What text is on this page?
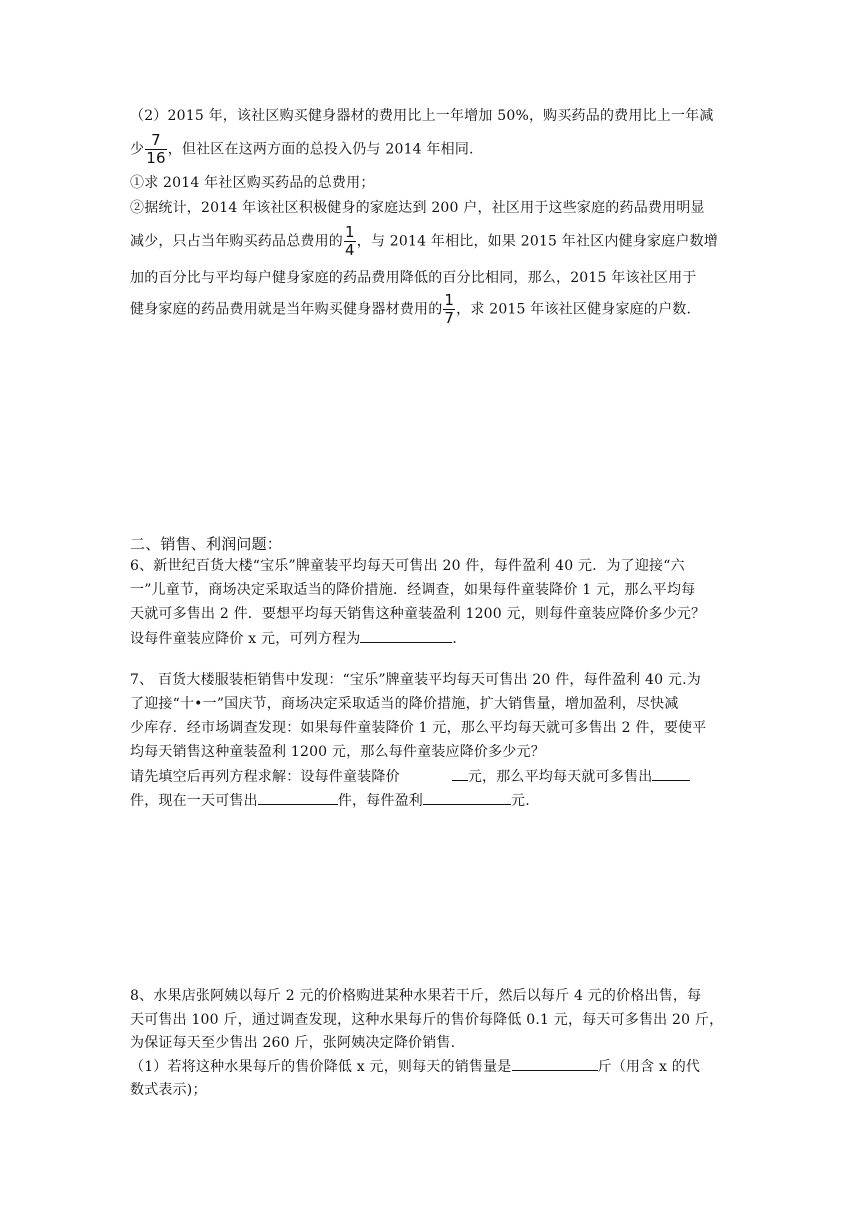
（2）2015 年，该社区购买健身器材的费用比上一年增加 50%，购买药品的费用比上一年减
少 $\frac{7}{16}$ ，但社区在这两方面的总投入仍与 2014 年相同.
①求 2014 年社区购买药品的总费用；
②据统计，2014 年该社区积极健身的家庭达到 200 户，社区用于这些家庭的药品费用明显
减少，只占当年购买药品总费用的 $\frac{1}{4}$ ，与 2014 年相比，如果 2015 年社区内健身家庭户数增
加的百分比与平均每户健身家庭的药品费用降低的百分比相同，那么，2015 年该社区用于
健身家庭的药品费用就是当年购买健身器材费用的 $\frac{1}{7}$ ，求 2015 年该社区健身家庭的户数.
二、销售、利润问题：
6、新世纪百货大楼“宝乐”牌童装平均每天可售出 20 件，每件盈利 40 元．为了迎接“六
一”儿童节，商场决定采取适当的降价措施．经调查，如果每件童装降价 1 元，那么平均每
天就可多售出 2 件．要想平均每天销售这种童装盈利 1200 元，则每件童装应降价多少元？
设每件童装应降价 x 元，可列方程为	．
7、 百货大楼服装柜销售中发现：“宝乐”牌童装平均每天可售出 20 件，每件盈利 40 元.为
了迎接“十•一”国庆节，商场决定采取适当的降价措施，扩大销售量，增加盈利，尽快减
少库存．经市场调查发现：如果每件童装降价 1 元，那么平均每天就可多售出 2 件，要使平
均每天销售这种童装盈利 1200 元，那么每件童装应降价多少元？
请先填空后再列方程求解：设每件童装降价	元，那么平均每天就可多售出
件，现在一天可售出	件，每件盈利	元.
8、水果店张阿姨以每斤 2 元的价格购进某种水果若干斤，然后以每斤 4 元的价格出售，每
天可售出 100 斤，通过调查发现，这种水果每斤的售价每降低 0.1 元，每天可多售出 20 斤，
为保证每天至少售出 260 斤，张阿姨决定降价销售.
（1）若将这种水果每斤的售价降低 x 元，则每天的销售量是	斤（用含 x 的代
数式表示)；
